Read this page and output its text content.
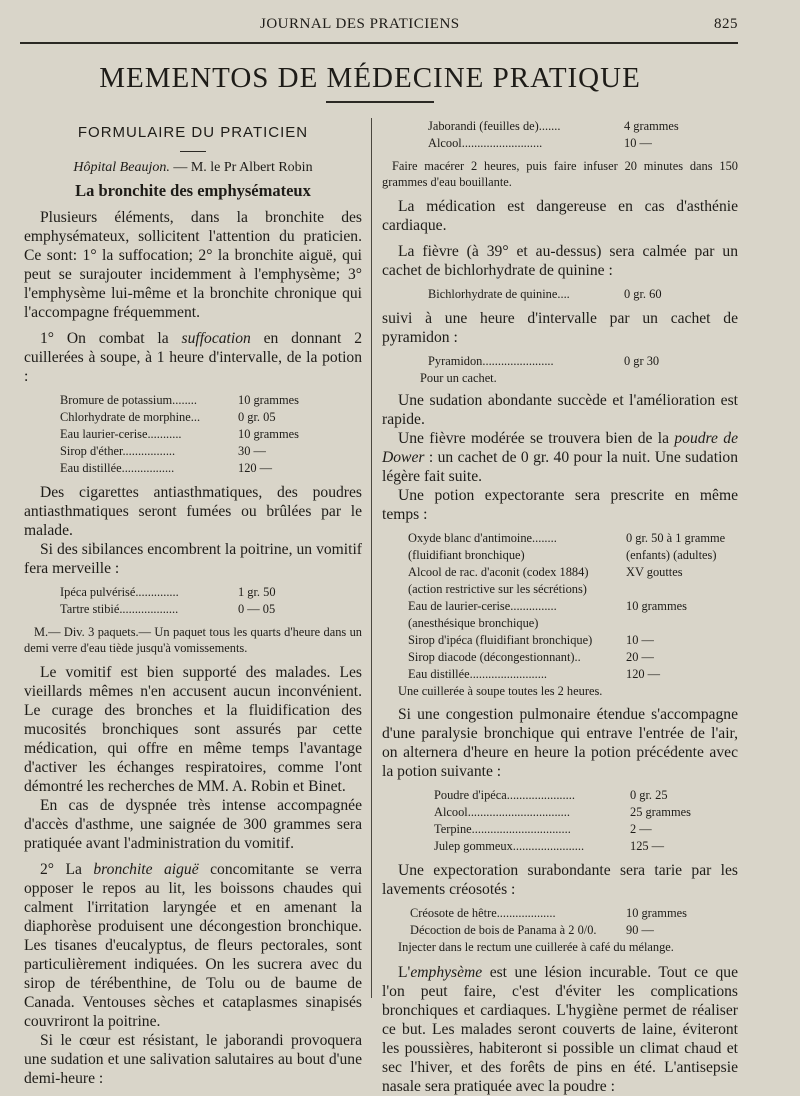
JOURNAL DES PRATICIENS	825
MEMENTOS DE MÉDECINE PRATIQUE
FORMULAIRE DU PRATICIEN
Hôpital Beaujon. — M. le Pr Albert Robin
La bronchite des emphysémateux

Plusieurs éléments, dans la bronchite des emphysémateux, sollicitent l'attention du praticien. Ce sont: 1° la suffocation; 2° la bronchite aiguë, qui peut se surajouter incidemment à l'emphysème; 3° l'emphysème lui-même et la bronchite chronique qui l'accompagne fréquemment.

1° On combat la suffocation en donnant 2 cuillerées à soupe, à 1 heure d'intervalle, de la potion :

Bromure de potassium........	10 grammes
Chlorhydrate de morphine...	0 gr. 05
Eau laurier-cerise...........	10 grammes
Sirop d'éther.................	30 —
Eau distillée.................	120 —

Des cigarettes antiasthmatiques, des poudres antiasthmatiques seront fumées ou brûlées par le malade.

Si des sibilances encombrent la poitrine, un vomitif fera merveille :

Ipéca pulvérisé..............	1 gr. 50
Tartre stibié...................	0 — 05
M.— Div. 3 paquets.— Un paquet tous les quarts d'heure dans un demi verre d'eau tiède jusqu'à vomissements.

Le vomitif est bien supporté des malades. Les vieillards mêmes n'en accusent aucun inconvénient. Le curage des bronches et la fluidification des mucosités bronchiques sont assurés par cette médication, qui offre en même temps l'avantage d'activer les échanges respiratoires, comme l'ont démontré les recherches de MM. A. Robin et Binet.

En cas de dyspnée très intense accompagnée d'accès d'asthme, une saignée de 300 grammes sera pratiquée avant l'administration du vomitif.

2° La bronchite aiguë concomitante se verra opposer le repos au lit, les boissons chaudes qui calment l'irritation laryngée et en amenant la diaphorèse produisent une décongestion bronchique. Les tisanes d'eucalyptus, de fleurs pectorales, sont particulièrement indiquées. On les sucrera avec du sirop de térébenthine, de Tolu ou de baume de Canada. Ventouses sèches et cataplasmes sinapisés couvriront la poitrine.

Si le cœur est résistant, le jaborandi provoquera une sudation et une salivation salutaires au bout d'une demi-heure :

Jaborandi (feuilles de).......	4 grammes
Alcool..........................	10 —
Faire macérer 2 heures, puis faire infuser 20 minutes dans 150 grammes d'eau bouillante.

La médication est dangereuse en cas d'asthénie cardiaque.

La fièvre (à 39° et au-dessus) sera calmée par un cachet de bichlorhydrate de quinine :

Bichlorhydrate de quinine....	0 gr. 60

suivi à une heure d'intervalle par un cachet de pyramidon :

Pyramidon.......................	0 gr 30
Pour un cachet.

Une sudation abondante succède et l'amélioration est rapide.

Une fièvre modérée se trouvera bien de la poudre de Dower : un cachet de 0 gr. 40 pour la nuit. Une sudation légère fait suite.

Une potion expectorante sera prescrite en même temps :

Oxyde blanc d'antimoine........	0 gr. 50 à 1 gramme
(fluidifiant bronchique)	(enfants) (adultes)
Alcool de rac. d'aconit (codex 1884)	XV gouttes
(action restrictive sur les sécrétions)
Eau de laurier-cerise...............	10 grammes
(anesthésique bronchique)
Sirop d'ipéca (fluidifiant bronchique)	10 —
Sirop diacode (décongestionnant)..	20 —
Eau distillée.........................	120 —
Une cuillerée à soupe toutes les 2 heures.

Si une congestion pulmonaire étendue s'accompagne d'une paralysie bronchique qui entrave l'entrée de l'air, on alternera d'heure en heure la potion précédente avec la potion suivante :

Poudre d'ipéca......................	0 gr. 25
Alcool.................................	25 grammes
Terpine................................	2 —
Julep gommeux.......................	125 —

Une expectoration surabondante sera tarie par les lavements créosotés :

Créosote de hêtre...................	10 grammes
Décoction de bois de Panama à 2 0/0.	90 —
Injecter dans le rectum une cuillerée à café du mélange.

L'emphysème est une lésion incurable. Tout ce que l'on peut faire, c'est d'éviter les complications bronchiques et cardiaques. L'hygiène permet de réaliser ce but. Les malades seront couverts de laine, éviteront les poussières, habiteront si possible un climat chaud et sec l'hiver, et des forêts de pins en été. L'antisepsie nasale sera pratiquée avec la poudre :
